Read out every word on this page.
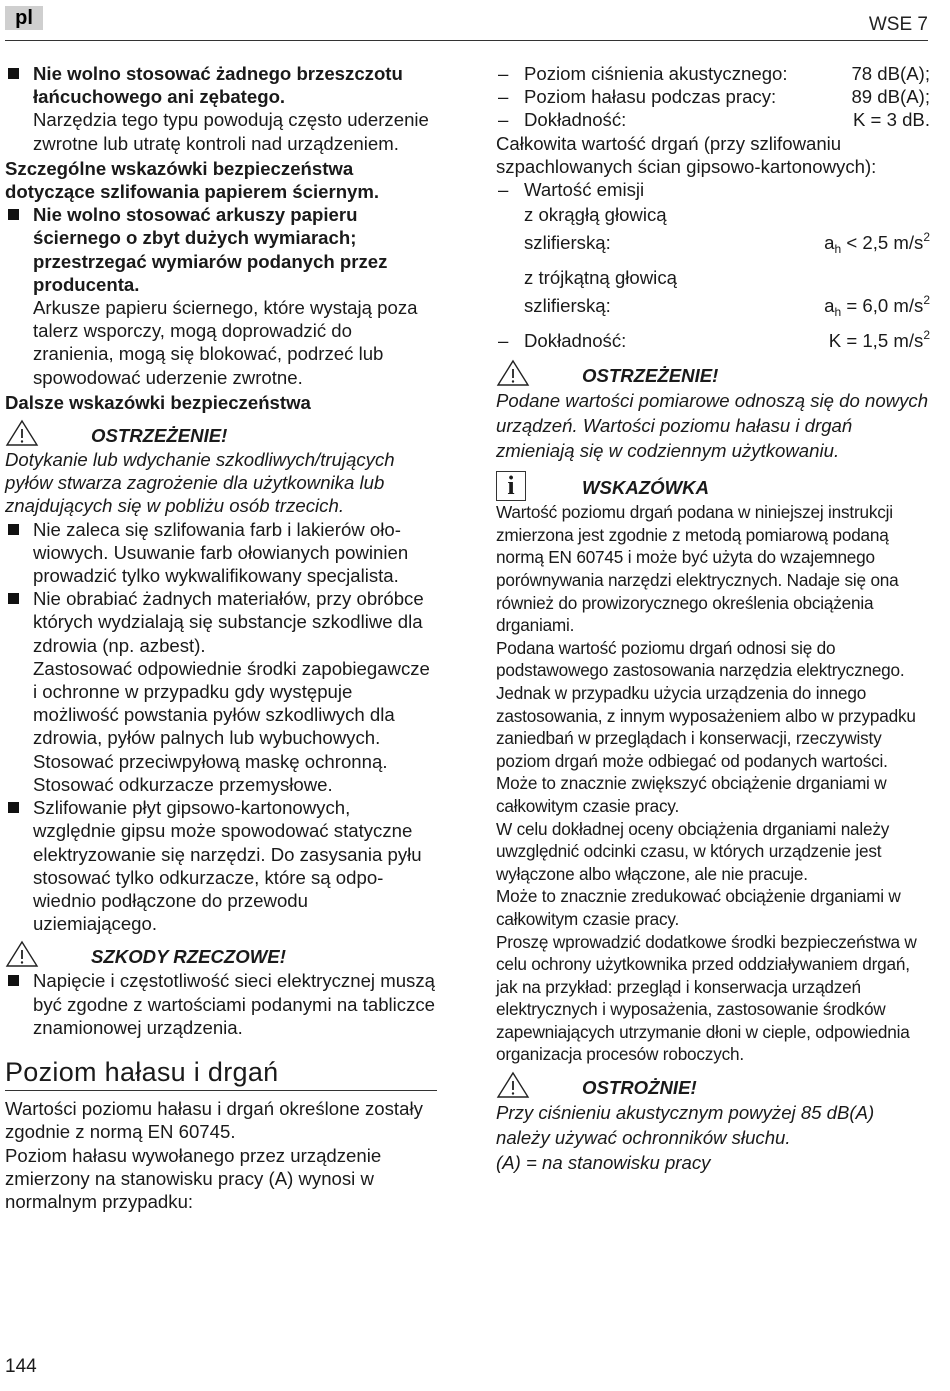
pl	WSE 7

Nie wolno stosować żadnego brzeszczotu łańcuchowego ani zębatego.

Narzędzia tego typu powodują często uderzenie zwrotne lub utratę kontroli nad urządzeniem.

Szczególne wskazówki bezpieczeństwa dotyczące szlifowania papierem ściernym.

Nie wolno stosować arkuszy papieru ściernego o zbyt dużych wymiarach; przestrzegać wymiarów podanych przez producenta.

Arkusze papieru ściernego, które wystają poza talerz wsporczy, mogą doprowadzić do zranienia, mogą się blokować, podrzeć lub spowodować uderzenie zwrotne.

Dalsze wskazówki bezpieczeństwa

OSTRZEŻENIE!

Dotykanie lub wdychanie szkodliwych/trujących pyłów stwarza zagrożenie dla użytkownika lub znajdujących się w pobliżu osób trzecich.

Nie zaleca się szlifowania farb i lakierów ołowiowych. Usuwanie farb ołowianych powinien prowadzić tylko wykwalifikowany specjalista.

Nie obrabiać żadnych materiałów, przy obróbce których wydzialają się substancje szkodliwe dla zdrowia (np. azbest).

Zastosować odpowiednie środki zapobiegawcze i ochronne w przypadku gdy występuje możliwość powstania pyłów szkodliwych dla zdrowia, pyłów palnych lub wybuchowych. Stosować przeciwpyłową maskę ochronną. Stosować odkurzacze przemysłowe.

Szlifowanie płyt gipsowo-kartonowych, względnie gipsu może spowodować statyczne elektryzowanie się narzędzi. Do zasysania pyłu stosować tylko odkurzacze, które są odpowiednio podłączone do przewodu uziemiającego.

SZKODY RZECZOWE!

Napięcie i częstotliwość sieci elektrycznej muszą być zgodne z wartościami podanymi na tabliczce znamionowej urządzenia.

Poziom hałasu i drgań

Wartości poziomu hałasu i drgań określone zostały zgodnie z normą EN 60745.

Poziom hałasu wywołanego przez urządzenie zmierzony na stanowisku pracy (A) wynosi w normalnym przypadku:

– Poziom ciśnienia akustycznego:	78 dB(A);
– Poziom hałasu podczas pracy:	89 dB(A);
– Dokładność:	K = 3 dB.

Całkowita wartość drgań (przy szlifowaniu szpachlowanych ścian gipsowo-kartonowych):

– Wartość emisji

z okrągłą głowicą

szlifierską:	$a_h < 2,5$ $m/s^2$

z trójkątną głowicą

szlifierską:	$a_h = 6,0$ $m/s^2$
– Dokładność:	K = 1,5 $m/s^2$
OSTRZEŻENIE!

Podane wartości pomiarowe odnoszą się do nowych urządzeń. Wartości poziomu hałasu i drgań zmieniają się w codziennym użytkowaniu.

i	WSKAZÓWKA

Wartość poziomu drgań podana w niniejszej instrukcji zmierzona jest zgodnie z metodą pomiarową podaną normą EN 60745 i może być użyta do wzajemnego porównywania narzędzi elektrycznych. Nadaje się ona również do prowizorycznego określenia obciążenia drganiami.

Podana wartość poziomu drgań odnosi się do podstawowego zastosowania narzędzia elektrycznego. Jednak w przypadku użycia urządzenia do innego zastosowania, z innym wyposażeniem albo w przypadku zaniedbań w przeglądach i konserwacji, rzeczywisty poziom drgań może odbiegać od podanych wartości.

Może to znacznie zwiększyć obciążenie drganiami w całkowitym czasie pracy.

W celu dokładnej oceny obciążenia drganiami należy uwzględnić odcinki czasu, w których urządzenie jest wyłączone albo włączone, ale nie pracuje.

Może to znacznie zredukować obciążenie drganiami w całkowitym czasie pracy.

Proszę wprowadzić dodatkowe środki bezpieczeństwa w celu ochrony użytkownika przed oddziaływaniem drgań, jak na przykład: przegląd i konserwacja urządzeń elektrycznych i wyposażenia, zastosowanie środków zapewniających utrzymanie dłoni w cieple, odpowiednia organizacja procesów roboczych.

OSTROŻNIE!

Przy ciśnieniu akustycznym powyżej 85 dB(A) należy używać ochronników słuchu.

(A) = na stanowisku pracy

144
